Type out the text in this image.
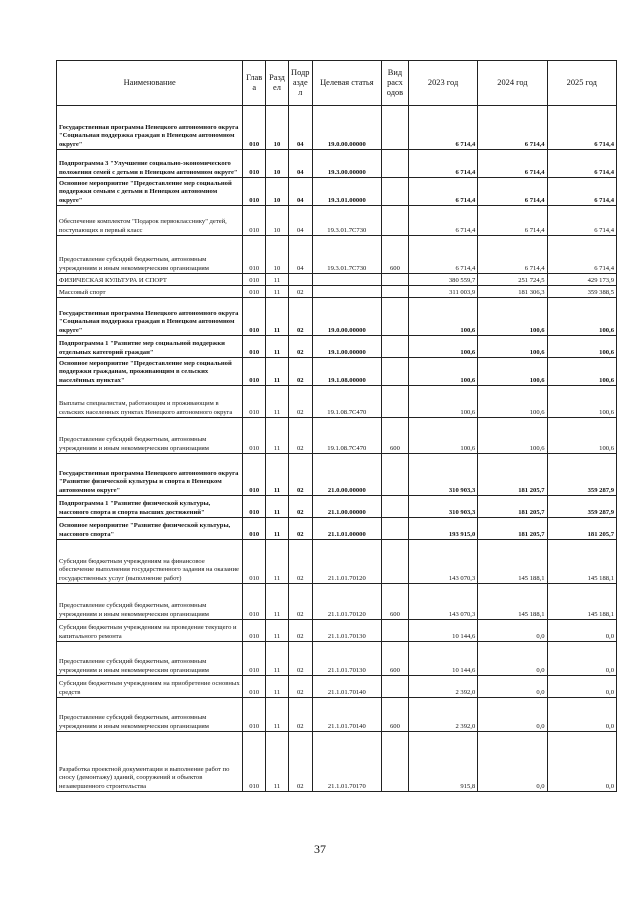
Наименование	Глав а	Разд ел	Подр азде л	Целевая статья	Вид расх одов	2023 год	2024 год	2025 год
Государственная программа Ненецкого автономного округа "Социальная поддержка граждан в Ненецком автономном округе"	010	10	04	19.0.00.00000		6 714,4	6 714,4	6 714,4
Подпрограмма 3 "Улучшение социально-экономического положения семей с детьми в Ненецком автономном округе"	010	10	04	19.3.00.00000		6 714,4	6 714,4	6 714,4
Основное мероприятие "Предоставление мер социальной поддержки семьям с детьми в Ненецком автономном округе"	010	10	04	19.3.01.00000		6 714,4	6 714,4	6 714,4
Обеспечение комплектом "Подарок первокласснику" детей, поступающих в первый класс	010	10	04	19.3.01.7С730		6 714,4	6 714,4	6 714,4
Предоставление субсидий бюджетным, автономным учреждениям и иным некоммерческим организациям	010	10	04	19.3.01.7С730	600	6 714,4	6 714,4	6 714,4
ФИЗИЧЕСКАЯ КУЛЬТУРА И СПОРТ	010	11				380 559,7	251 724,5	429 173,9
Массовый спорт	010	11	02			311 003,9	181 306,3	359 388,5
Государственная программа Ненецкого автономного округа "Социальная поддержка граждан в Ненецком автономном округе"	010	11	02	19.0.00.00000		100,6	100,6	100,6
Подпрограмма 1 "Развитие мер социальной поддержки отдельных категорий граждан"	010	11	02	19.1.00.00000		100,6	100,6	100,6
Основное мероприятие "Предоставление мер социальной поддержки гражданам, проживающим в сельских населённых пунктах"	010	11	02	19.1.08.00000		100,6	100,6	100,6
Выплаты специалистам, работающим и проживающим в сельских населенных пунктах Ненецкого автономного округа	010	11	02	19.1.08.7С470		100,6	100,6	100,6
Предоставление субсидий бюджетным, автономным учреждениям и иным некоммерческим организациям	010	11	02	19.1.08.7С470	600	100,6	100,6	100,6
Государственная программа Ненецкого автономного округа "Развитие физической культуры и спорта в Ненецком автономном округе"	010	11	02	21.0.00.00000		310 903,3	181 205,7	359 287,9
Подпрограмма 1 "Развитие физической культуры, массового спорта и спорта высших достижений"	010	11	02	21.1.00.00000		310 903,3	181 205,7	359 287,9
Основное мероприятие "Развитие физической культуры, массового спорта"	010	11	02	21.1.01.00000		193 915,0	181 205,7	181 205,7
Субсидии бюджетным учреждениям на финансовое обеспечение выполнения государственного задания на оказание государственных услуг (выполнение работ)	010	11	02	21.1.01.70120		143 070,3	145 188,1	145 188,1
Предоставление субсидий бюджетным, автономным учреждениям и иным некоммерческим организациям	010	11	02	21.1.01.70120	600	143 070,3	145 188,1	145 188,1
Субсидии бюджетным учреждениям на проведение текущего и капитального ремонта	010	11	02	21.1.01.70130		10 144,6	0,0	0,0
Предоставление субсидий бюджетным, автономным учреждениям и иным некоммерческим организациям	010	11	02	21.1.01.70130	600	10 144,6	0,0	0,0
Субсидии бюджетным учреждениям на приобретение основных средств	010	11	02	21.1.01.70140		2 392,0	0,0	0,0
Предоставление субсидий бюджетным, автономным учреждениям и иным некоммерческим организациям	010	11	02	21.1.01.70140	600	2 392,0	0,0	0,0
Разработка проектной документации и выполнение работ по сносу (демонтажу) зданий, сооружений и объектов незавершенного строительства	010	11	02	21.1.01.70170		915,8	0,0	0,0
37
